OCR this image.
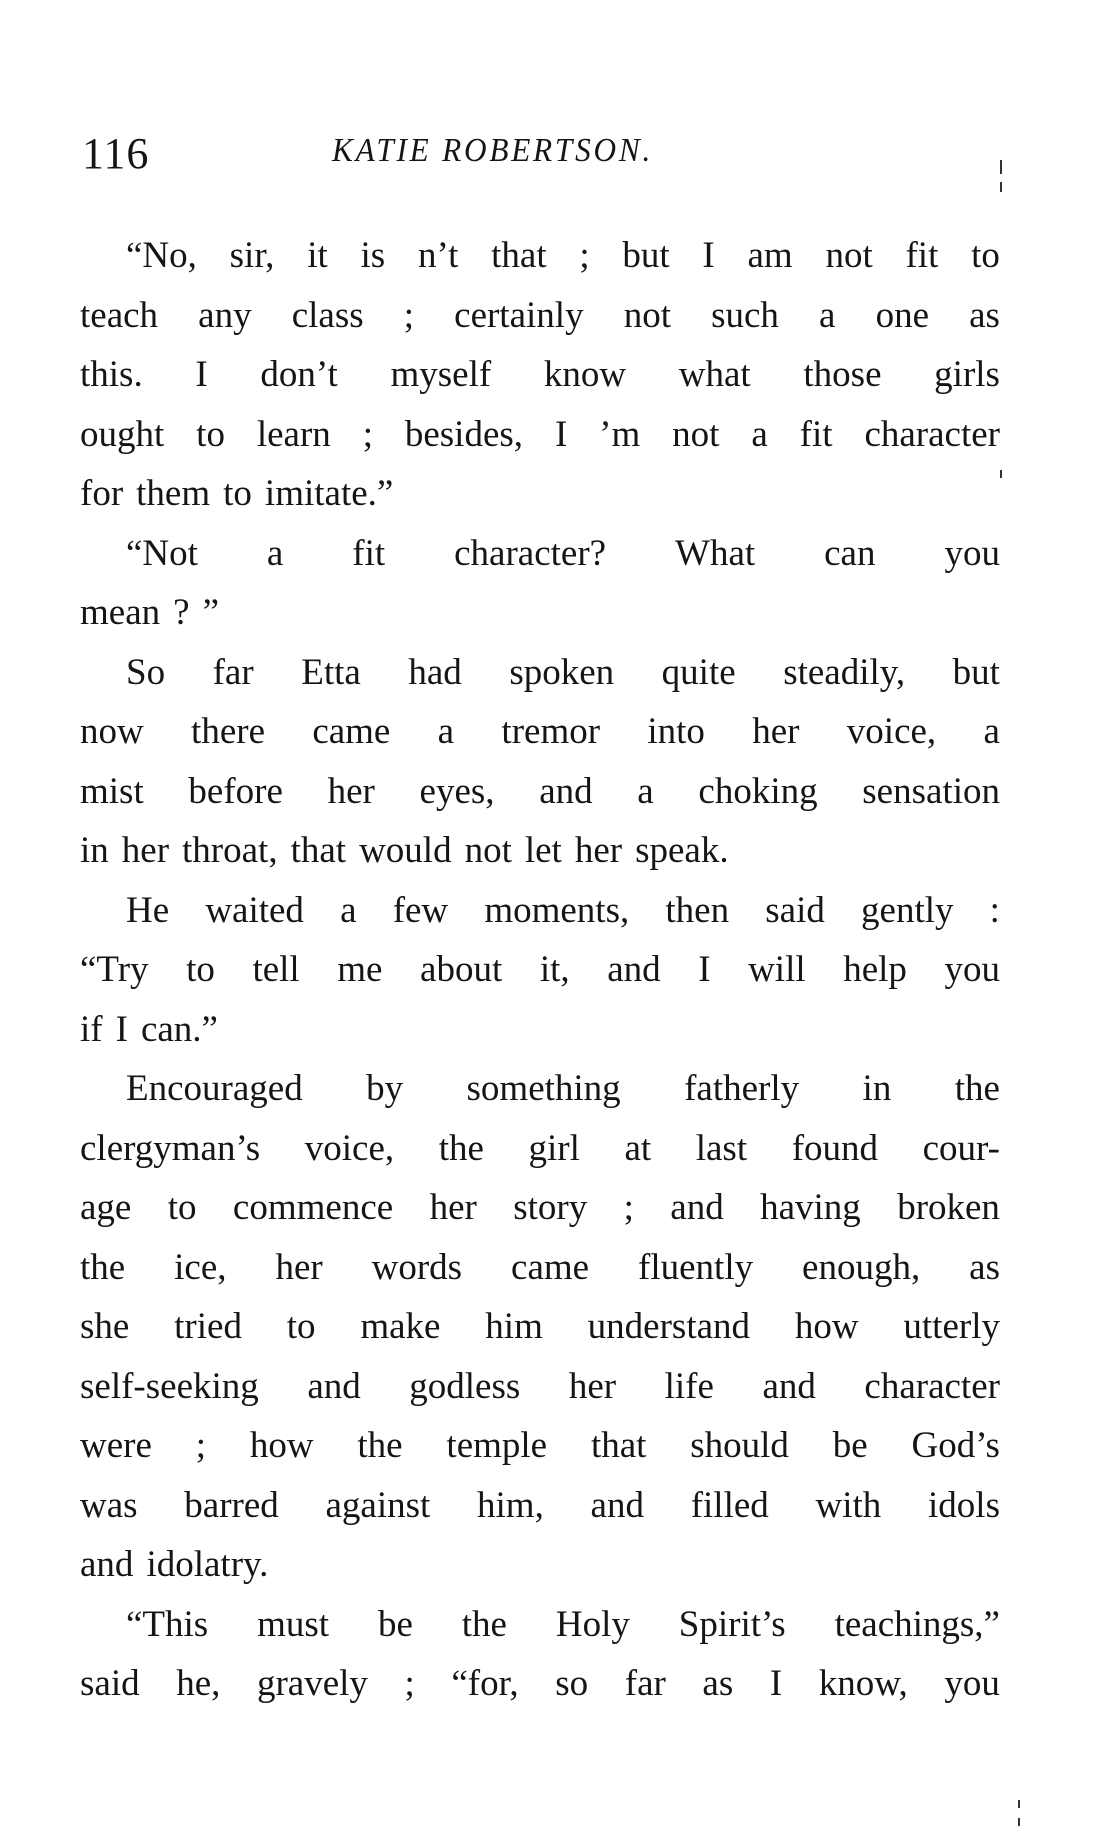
116	KATIE ROBERTSON.
“No, sir, it is n’t that ; but I am not fit to
teach any class ; certainly not such a one as
this. I don’t myself know what those girls
ought to learn ; besides, I ’m not a fit character
for them to imitate.”
“Not a fit character? What can you
mean ? ”
So far Etta had spoken quite steadily, but
now there came a tremor into her voice, a
mist before her eyes, and a choking sensation
in her throat, that would not let her speak.
He waited a few moments, then said gently :
“Try to tell me about it, and I will help you
if I can.”
Encouraged by something fatherly in the
clergyman’s voice, the girl at last found cour-
age to commence her story ; and having broken
the ice, her words came fluently enough, as
she tried to make him understand how utterly
self-seeking and godless her life and character
were ; how the temple that should be God’s
was barred against him, and filled with idols
and idolatry.
“This must be the Holy Spirit’s teachings,”
said he, gravely ; “for, so far as I know, you
